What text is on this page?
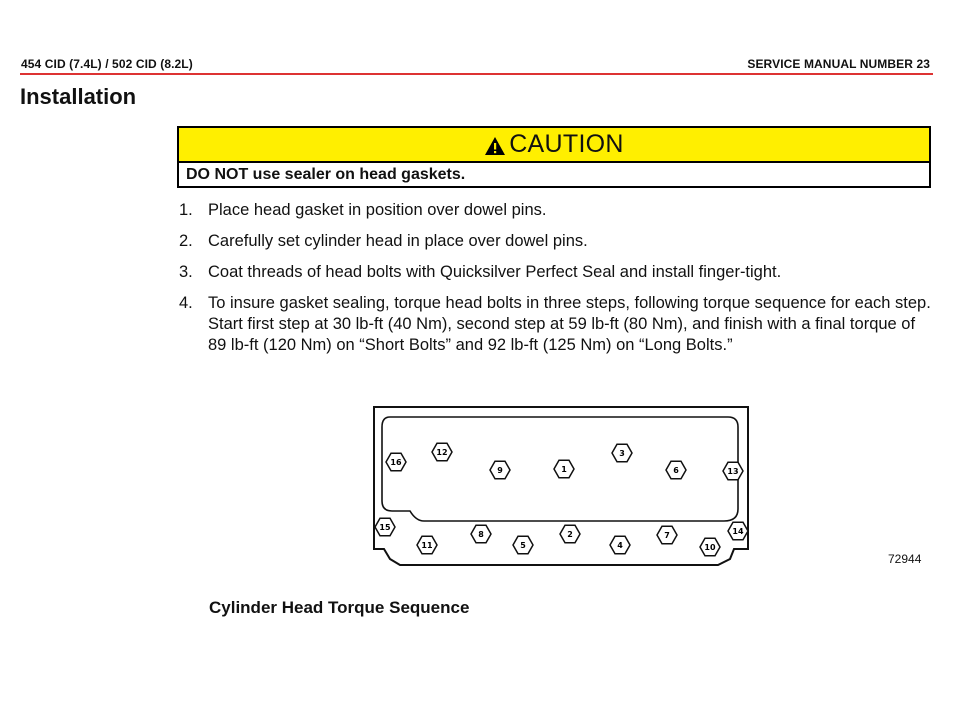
454 CID (7.4L) / 502 CID (8.2L)	SERVICE MANUAL NUMBER 23
Installation
CAUTION
DO NOT use sealer on head gaskets.
1. Place head gasket in position over dowel pins.
2. Carefully set cylinder head in place over dowel pins.
3. Coat threads of head bolts with Quicksilver Perfect Seal and install finger-tight.
4. To insure gasket sealing, torque head bolts in three steps, following torque sequence for each step. Start first step at 30 lb-ft (40 Nm), second step at 59 lb-ft (80 Nm), and finish with a final torque of 89 lb-ft (120 Nm) on “Short Bolts” and 92 lb-ft (125 Nm) on “Long Bolts.”
16
12
9	1
3
6	13
15
11
8
5
2
4
7
10
14
72944
Cylinder Head Torque Sequence
